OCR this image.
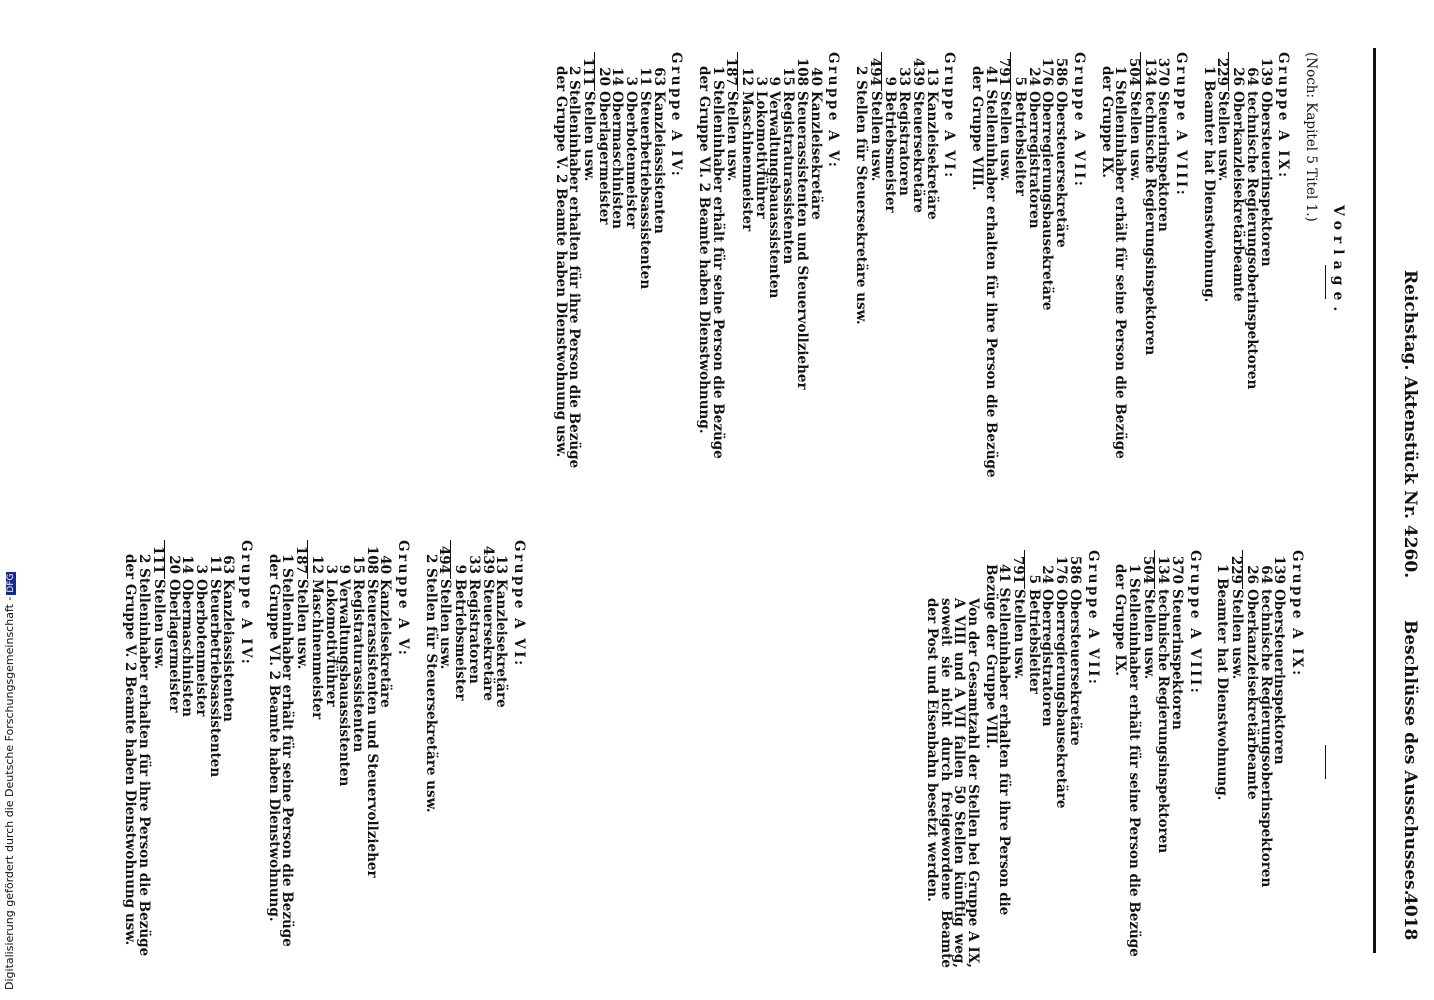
Reichstag. Aktenstück Nr. 4260.
Beschlüsse des Ausschusses.
4018
Vorlage.

(Noch: Kapitel 5 Titel 1.)

Gruppe A IX:

139
Obersteuerinspektoren
64
technische Regierungsoberinspektoren
26
Oberkanzleisekretärbeamte
229
Stellen usw.

1 Beamter hat Dienstwohnung.

Gruppe A VIII:

370
Steuerinspektoren
134
technische Regierungsinspektoren
504
Stellen usw.

1 Stelleninhaber erhält für seine Person die Bezüge der Gruppe IX.

Gruppe A VII:

586
Obersteuersekretäre
176
Oberregierungsbausekretäre
24
Oberregistratoren
5
Betriebsleiter
791
Stellen usw.

41 Stelleninhaber erhalten für ihre Person die Bezüge der Gruppe VIII.

Gruppe A VI:

13
Kanzleisekretäre
439
Steuersekretäre
33
Registratoren
9
Betriebsmeister
494
Stellen usw.

2 Stellen für Steuersekretäre usw.

Gruppe A V:

40
Kanzleisekretäre
108
Steuerassistenten und Steuervollzieher
15
Registraturassistenten
9
Verwaltungsbauassistenten
3
Lokomotivführer
12
Maschinenmeister
187
Stellen usw.

1 Stelleninhaber erhält für seine Person die Bezüge der Gruppe VI. 2 Beamte haben Dienstwohnung.

Gruppe A IV:

63
Kanzleiassistenten
11
Steuerbetriebsassistenten
3
Oberbotenmeister
14
Obermaschinisten
20
Oberlagermeister
111
Stellen usw.

2 Stelleninhaber erhalten für ihre Person die Bezüge der Gruppe V. 2 Beamte haben Dienstwohnung usw.

Gruppe A IX:

139
Obersteuerinspektoren
64
technische Regierungsoberinspektoren
26
Oberkanzleisekretärbeamte
229
Stellen usw.

1 Beamter hat Dienstwohnung.

Gruppe A VIII:

370
Steuerinspektoren
134
technische Regierungsinspektoren
504
Stellen usw.

1 Stelleninhaber erhält für seine Person die Bezüge der Gruppe IX.

Gruppe A VII:

586
Obersteuersekretäre
176
Oberregierungsbausekretäre
24
Oberregistratoren
5
Betriebsleiter
791
Stellen usw.

41 Stelleninhaber erhalten für ihre Person die Bezüge der Gruppe VIII.

Von der Gesamtzahl der Stellen bei Gruppe A IX, A VIII und A VII fallen 50 Stellen künftig weg, soweit sie nicht durch freigewordene Beamte der Post und Eisenbahn besetzt werden.

Gruppe A VI:

13
Kanzleisekretäre
439
Steuersekretäre
33
Registratoren
9
Betriebsmeister
494
Stellen usw.

2 Stellen für Steuersekretäre usw.

Gruppe A V:

40
Kanzleisekretäre
108
Steuerassistenten und Steuervollzieher
15
Registraturassistenten
9
Verwaltungsbauassistenten
3
Lokomotivführer
12
Maschinenmeister
187
Stellen usw.

1 Stelleninhaber erhält für seine Person die Bezüge der Gruppe VI. 2 Beamte haben Dienstwohnung.

Gruppe A IV:

63
Kanzleiassistenten
11
Steuerbetriebsassistenten
3
Oberbotenmeister
14
Obermaschinisten
20
Oberlagermeister
111
Stellen usw.

2 Stelleninhaber erhalten für ihre Person die Bezüge der Gruppe V. 2 Beamte haben Dienstwohnung usw.

Digitalisierung gefördert durch die Deutsche Forschungsgemeinschaft -DFG
